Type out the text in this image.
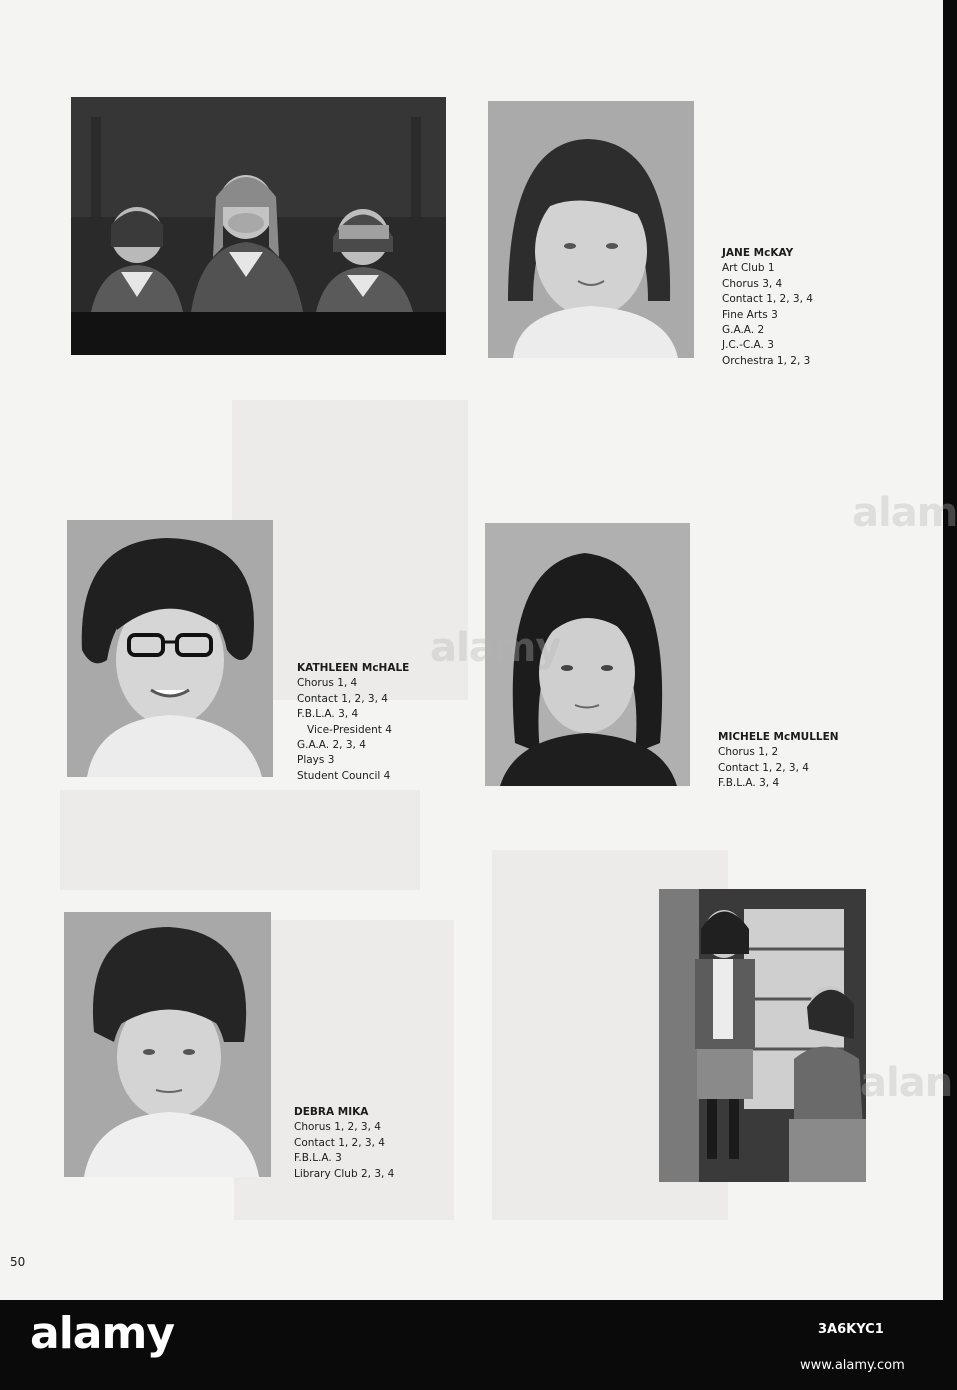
JANE McKAY
Art Club 1
Chorus 3, 4
Contact 1, 2, 3, 4
Fine Arts 3
G.A.A. 2
J.C.-C.A. 3
Orchestra 1, 2, 3
KATHLEEN McHALE
Chorus 1, 4
Contact 1, 2, 3, 4
F.B.L.A. 3, 4
Vice-President 4
G.A.A. 2, 3, 4
Plays 3
Student Council 4
MICHELE McMULLEN
Chorus 1, 2
Contact 1, 2, 3, 4
F.B.L.A. 3, 4
DEBRA MIKA
Chorus 1, 2, 3, 4
Contact 1, 2, 3, 4
F.B.L.A. 3
Library Club 2, 3, 4
50
alamy
alam
alan
alamy	3A6KYC1
www.alamy.com
